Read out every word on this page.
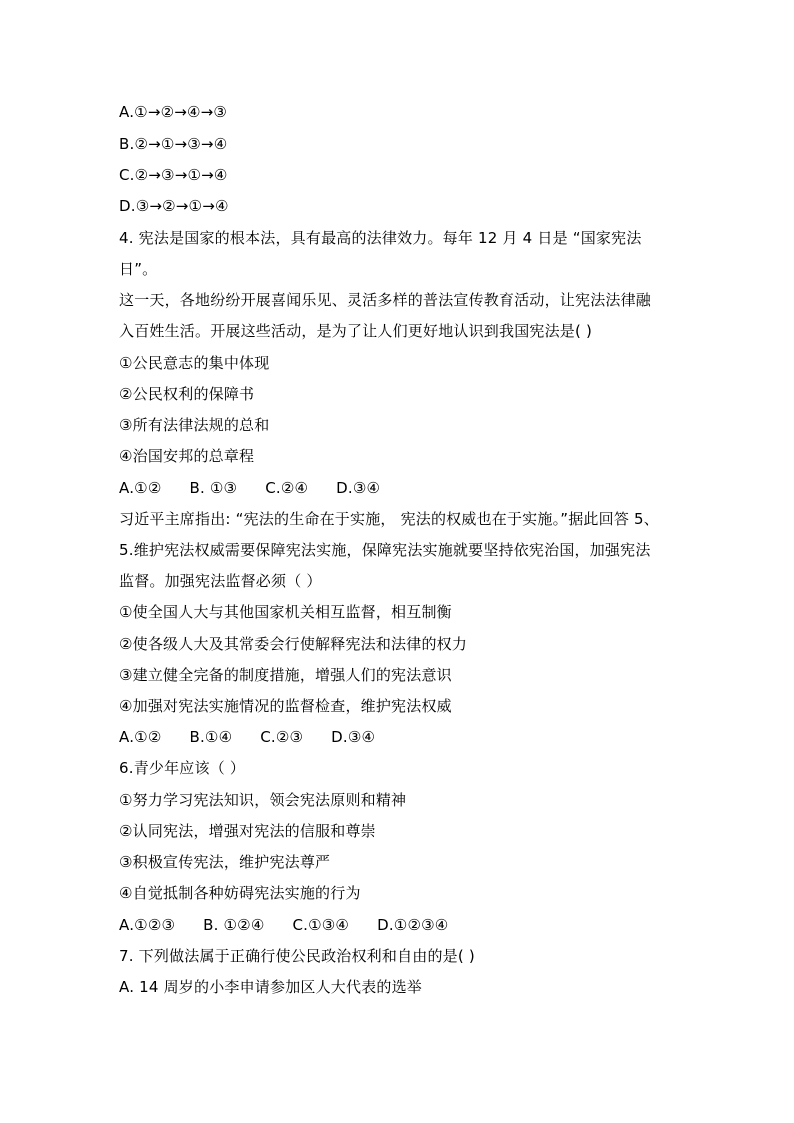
A.①→②→④→③
B.②→①→③→④
C.②→③→①→④
D.③→②→①→④
4. 宪法是国家的根本法，具有最高的法律效力。每年 12 月 4 日是 “国家宪法
日”。
这一天，各地纷纷开展喜闻乐见、灵活多样的普法宣传教育活动，让宪法法律融
入百姓生活。开展这些活动，是为了让人们更好地认识到我国宪法是( )
①公民意志的集中体现
②公民权利的保障书
③所有法律法规的总和
④治国安邦的总章程
A.①② B. ①③ C.②④ D.③④
习近平主席指出: “宪法的生命在于实施， 宪法的权威也在于实施。”据此回答 5、
5.维护宪法权威需要保障宪法实施，保障宪法实施就要坚持依宪治国，加强宪法
监督。加强宪法监督必须（ ）
①使全国人大与其他国家机关相互监督，相互制衡
②使各级人大及其常委会行使解释宪法和法律的权力
③建立健全完备的制度措施，增强人们的宪法意识
④加强对宪法实施情况的监督检查，维护宪法权威
A.①② B.①④ C.②③ D.③④
6.青少年应该（ ）
①努力学习宪法知识，领会宪法原则和精神
②认同宪法，增强对宪法的信服和尊崇
③积极宣传宪法，维护宪法尊严
④自觉抵制各种妨碍宪法实施的行为
A.①②③ B. ①②④ C.①③④ D.①②③④
7. 下列做法属于正确行使公民政治权利和自由的是( )
A. 14 周岁的小李申请参加区人大代表的选举
